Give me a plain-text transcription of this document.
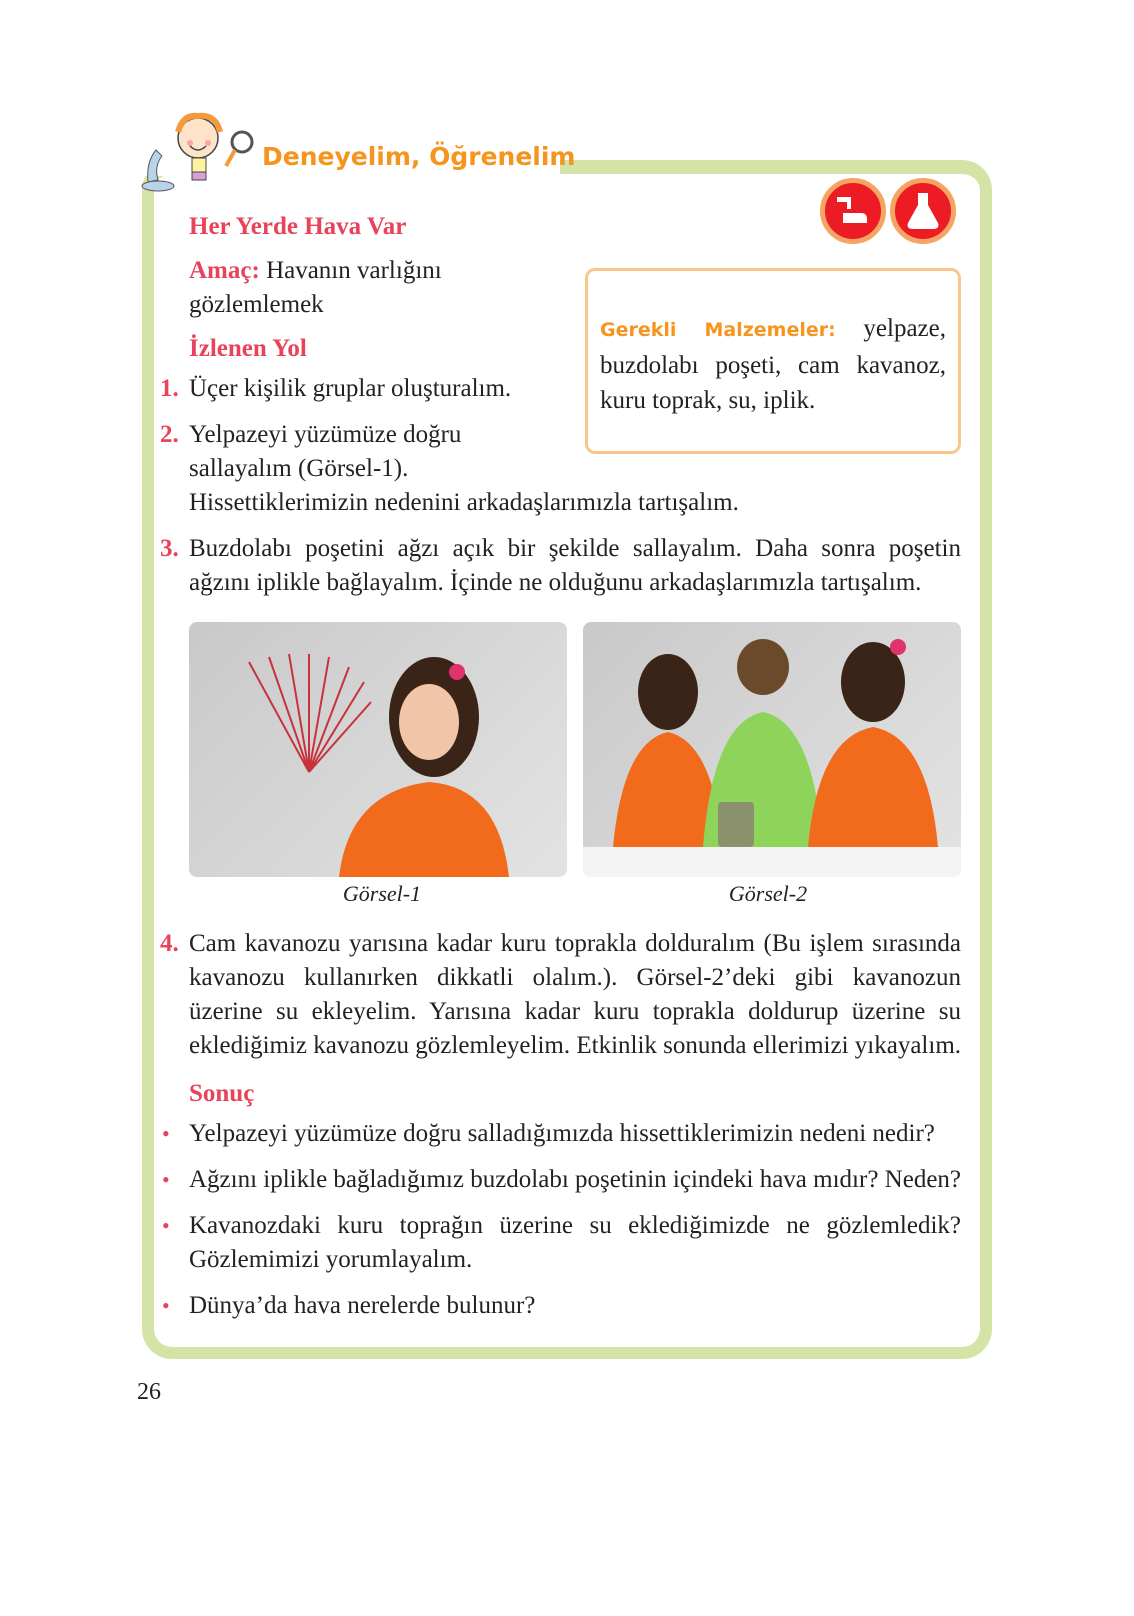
Deneyelim, Öğrenelim
Gerekli Malzemeler: yelpaze, buzdolabı poşeti, cam kavanoz, kuru toprak, su, iplik.
Her Yerde Hava Var
Amaç: Havanın varlığını gözlemlemek
İzlenen Yol
1. Üçer kişilik gruplar oluşturalım.
2. Yelpazeyi yüzümüze doğru sallayalım (Görsel-1). Hissettiklerimizin nedenini arkadaşlarımızla tartışalım.
3. Buzdolabı poşetini ağzı açık bir şekilde sallayalım. Daha sonra poşetin ağzını iplikle bağlayalım. İçinde ne olduğunu arkadaşlarımızla tartışalım.
Görsel-1	Görsel-2
4. Cam kavanozu yarısına kadar kuru toprakla dolduralım (Bu işlem sırasında kavanozu kullanırken dikkatli olalım.). Görsel-2’deki gibi kavanozun üzerine su ekleyelim. Yarısına kadar kuru toprakla doldurup üzerine su eklediğimiz kavanozu gözlemleyelim. Etkinlik sonunda ellerimizi yıkayalım.
Sonuç
• Yelpazeyi yüzümüze doğru salladığımızda hissettiklerimizin nedeni nedir?
• Ağzını iplikle bağladığımız buzdolabı poşetinin içindeki hava mıdır? Neden?
• Kavanozdaki kuru toprağın üzerine su eklediğimizde ne gözlemledik? Gözlemimizi yorumlayalım.
• Dünya’da hava nerelerde bulunur?
26
